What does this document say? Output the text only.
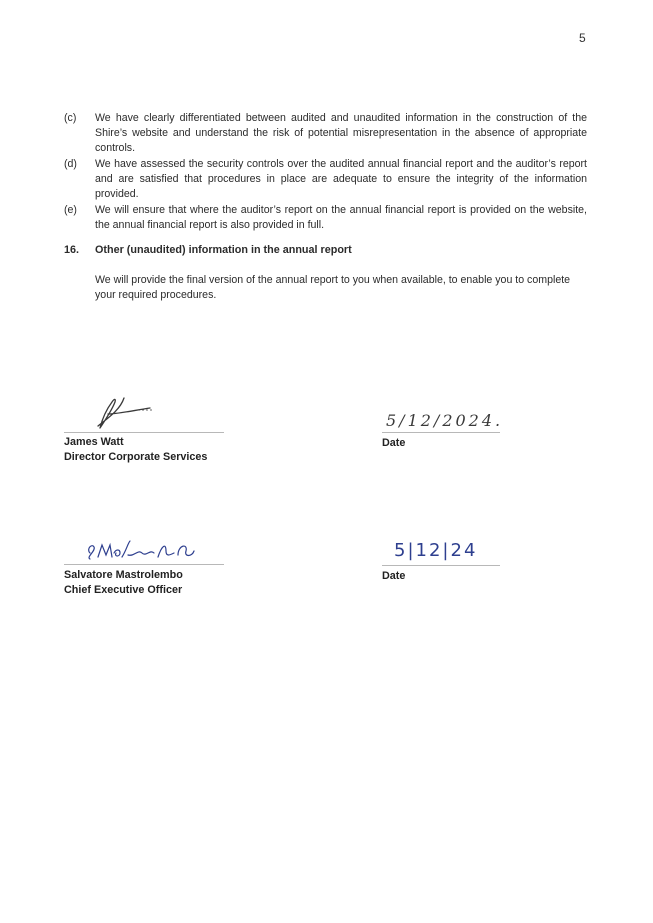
5
(c)	We have clearly differentiated between audited and unaudited information in the construction of the Shire’s website and understand the risk of potential misrepresentation in the absence of appropriate controls.
(d)	We have assessed the security controls over the audited annual financial report and the auditor’s report and are satisfied that procedures in place are adequate to ensure the integrity of the information provided.
(e)	We will ensure that where the auditor’s report on the annual financial report is provided on the website, the annual financial report is also provided in full.
16.	Other (unaudited) information in the annual report
We will provide the final version of the annual report to you when available, to enable you to complete your required procedures.
James Watt
Director Corporate Services
5/12/2024.
Date
Salvatore Mastrolembo
Chief Executive Officer
5|12|24
Date
